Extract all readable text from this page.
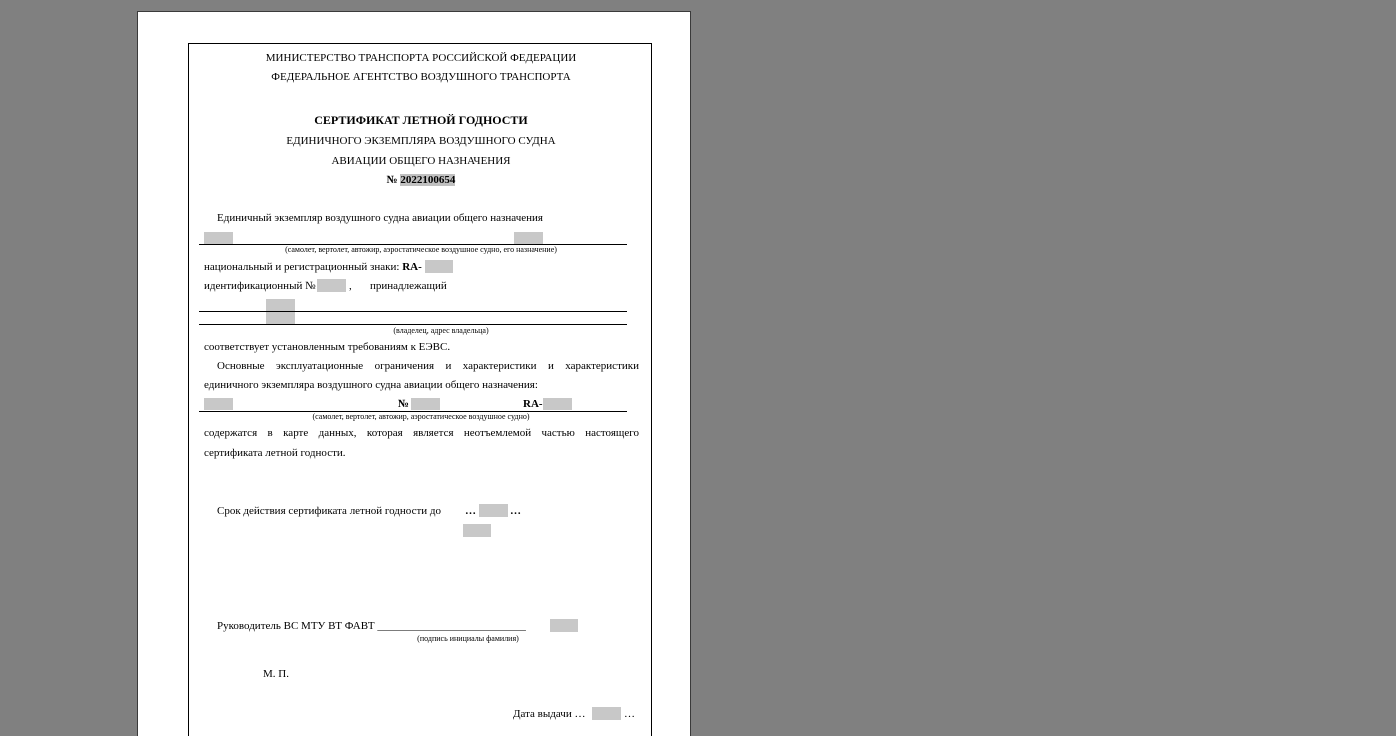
МИНИСТЕРСТВО ТРАНСПОРТА РОССИЙСКОЙ ФЕДЕРАЦИИ
ФЕДЕРАЛЬНОЕ АГЕНТСТВО ВОЗДУШНОГО ТРАНСПОРТА
СЕРТИФИКАТ ЛЕТНОЙ ГОДНОСТИ
ЕДИНИЧНОГО ЭКЗЕМПЛЯРА ВОЗДУШНОГО СУДНА
АВИАЦИИ ОБЩЕГО НАЗНАЧЕНИЯ
№ 2022100654
Единичный экземпляр воздушного судна авиации общего назначения
(самолет, вертолет, автожир, аэростатическое воздушное судно, его назначение)
национальный и регистрационный знаки: RA-
идентификационный №	, принадлежащий
(владелец, адрес владельца)
соответствует установленным требованиям к ЕЭВС.
Основные эксплуатационные ограничения и характеристики и характеристики
единичного экземпляра воздушного судна авиации общего назначения:
№	RA-
(самолет, вертолет, автожир, аэростатическое воздушное судно)
содержатся в карте данных, которая является неотъемлемой частью настоящего
сертификата летной годности.
Срок действия сертификата летной годности до …	…
Руководитель ВС МТУ ВТ ФАВТ ___________________________
(подпись инициалы фамилия)
М. П.
Дата выдачи …	…
